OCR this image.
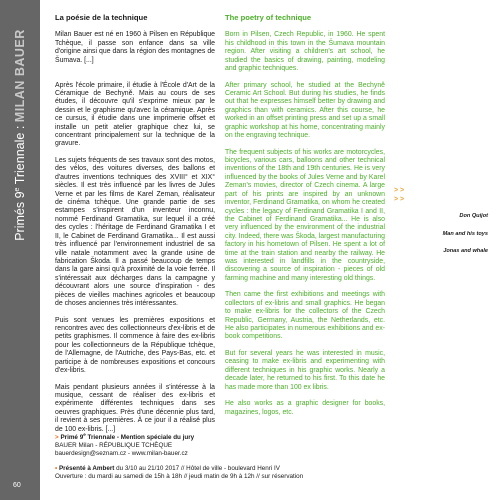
Primés 9e Triennale : MILAN BAUER
60
La poésie de la technique

Milan Bauer est né en 1960 à Pilsen en République Tchèque, il passe son enfance dans sa ville d'origine ainsi que dans la région des montagnes de Šumava. [...]

Après l'école primaire, il étudie à l'École d'Art de la Céramique de Bechyně. Mais au cours de ses études, il découvre qu'il s'exprime mieux par le dessin et le graphisme qu'avec la céramique. Après ce cursus, il étudie dans une imprimerie offset et installe un petit atelier graphique chez lui, se concentrant principalement sur la technique de la gravure.

Les sujets fréquents de ses travaux sont des motos, des vélos, des voitures diverses, des ballons et d'autres inventions techniques des XVIII° et XIX° siècles. Il est très influencé par les livres de Jules Verne et par les films de Karel Zeman, réalisateur de cinéma tchèque. Une grande partie de ses estampes s'inspirent d'un inventeur inconnu, nommé Ferdinand Gramatika, sur lequel il a créé des cycles : l'héritage de Ferdinand Gramatika I et II, le Cabinet de Ferdinand Gramatika... Il est aussi très influencé par l'environnement industriel de sa ville natale notamment avec la grande usine de fabrication Škoda. Il a passé beaucoup de temps dans la gare ainsi qu'à proximité de la voie ferrée. Il s'intéressait aux décharges dans la campagne y découvrant alors une source d'inspiration - des pièces de vieilles machines agricoles et beaucoup de choses anciennes très intéressantes.

Puis sont venues les premières expositions et rencontres avec des collectionneurs d'ex-libris et de petits graphismes. Il commence à faire des ex-libris pour les collectionneurs de la République tchèque, de l'Allemagne, de l'Autriche, des Pays-Bas, etc. et participe à de nombreuses expositions et concours d'ex-libris.

Mais pendant plusieurs années il s'intéresse à la musique, cessant de réaliser des ex-libris et expérimente différentes techniques dans ses oeuvres graphiques. Près d'une décennie plus tard, il revient à ses premières. À ce jour il a réalisé plus de 100 ex-libris. [...]

The poetry of technique

Born in Pilsen, Czech Republic, in 1960. He spent his childhood in this town in the Šumava mountain region. After visiting a children's art school, he studied the basics of drawing, painting, modeling and graphic techniques.

After primary school, he studied at the Bechyně Ceramic Art School. But during his studies, he finds out that he expresses himself better by drawing and graphics than with ceramics. After this course, he worked in an offset printing press and set up a small graphic workshop at his home, concentrating mainly on the engraving technique.

The frequent subjects of his works are motorcycles, bicycles, various cars, balloons and other technical inventions of the 18th and 19th centuries. He is very influenced by the books of Jules Verne and by Karel Zeman's movies, director of Czech cinema. A large part of his prints are inspired by an unknown inventor, Ferdinand Gramatika, on whom he created cycles : the legacy of Ferdinand Gramatika I and II, the Cabinet of Ferdinand Gramatika... He is also very influenced by the environment of the industrial city. Indeed, there was Škoda, largest manufacturing factory in his hometown of Pilsen. He spent a lot of time at the train station and nearby the railway. He was interested in landfills in the countryside, discovering a source of inspiration - pieces of old farming machine and many interesting old things.

Then came the first exhibitions and meetings with collectors of ex-libris and small graphics. He began to make ex-libris for the collectors of the Czech Republic, Germany, Austria, the Netherlands, etc. He also participates in numerous exhibitions and ex-book competitions.

But for several years he was interested in music, ceasing to make ex-libris and experimenting with different techniques in his graphic works. Nearly a decade later, he returned to his first. To this date he has made more than 100 ex libris.

He also works as a graphic designer for books, magazines, logos, etc.

> >
> >
Don Quijot
Man and his toys
Jonas and whale
> Primé 9e Triennale - Mention spéciale du jury
BAUER Milan - RÉPUBLIQUE TCHÈQUE
bauerdesign@seznam.cz - www.milan-bauer.cz
• Présenté à Ambert du 3/10 au 21/10 2017 // Hôtel de ville - boulevard Henri IV
Ouverture : du mardi au samedi de 15h à 18h // jeudi matin de 9h à 12h // sur réservation
